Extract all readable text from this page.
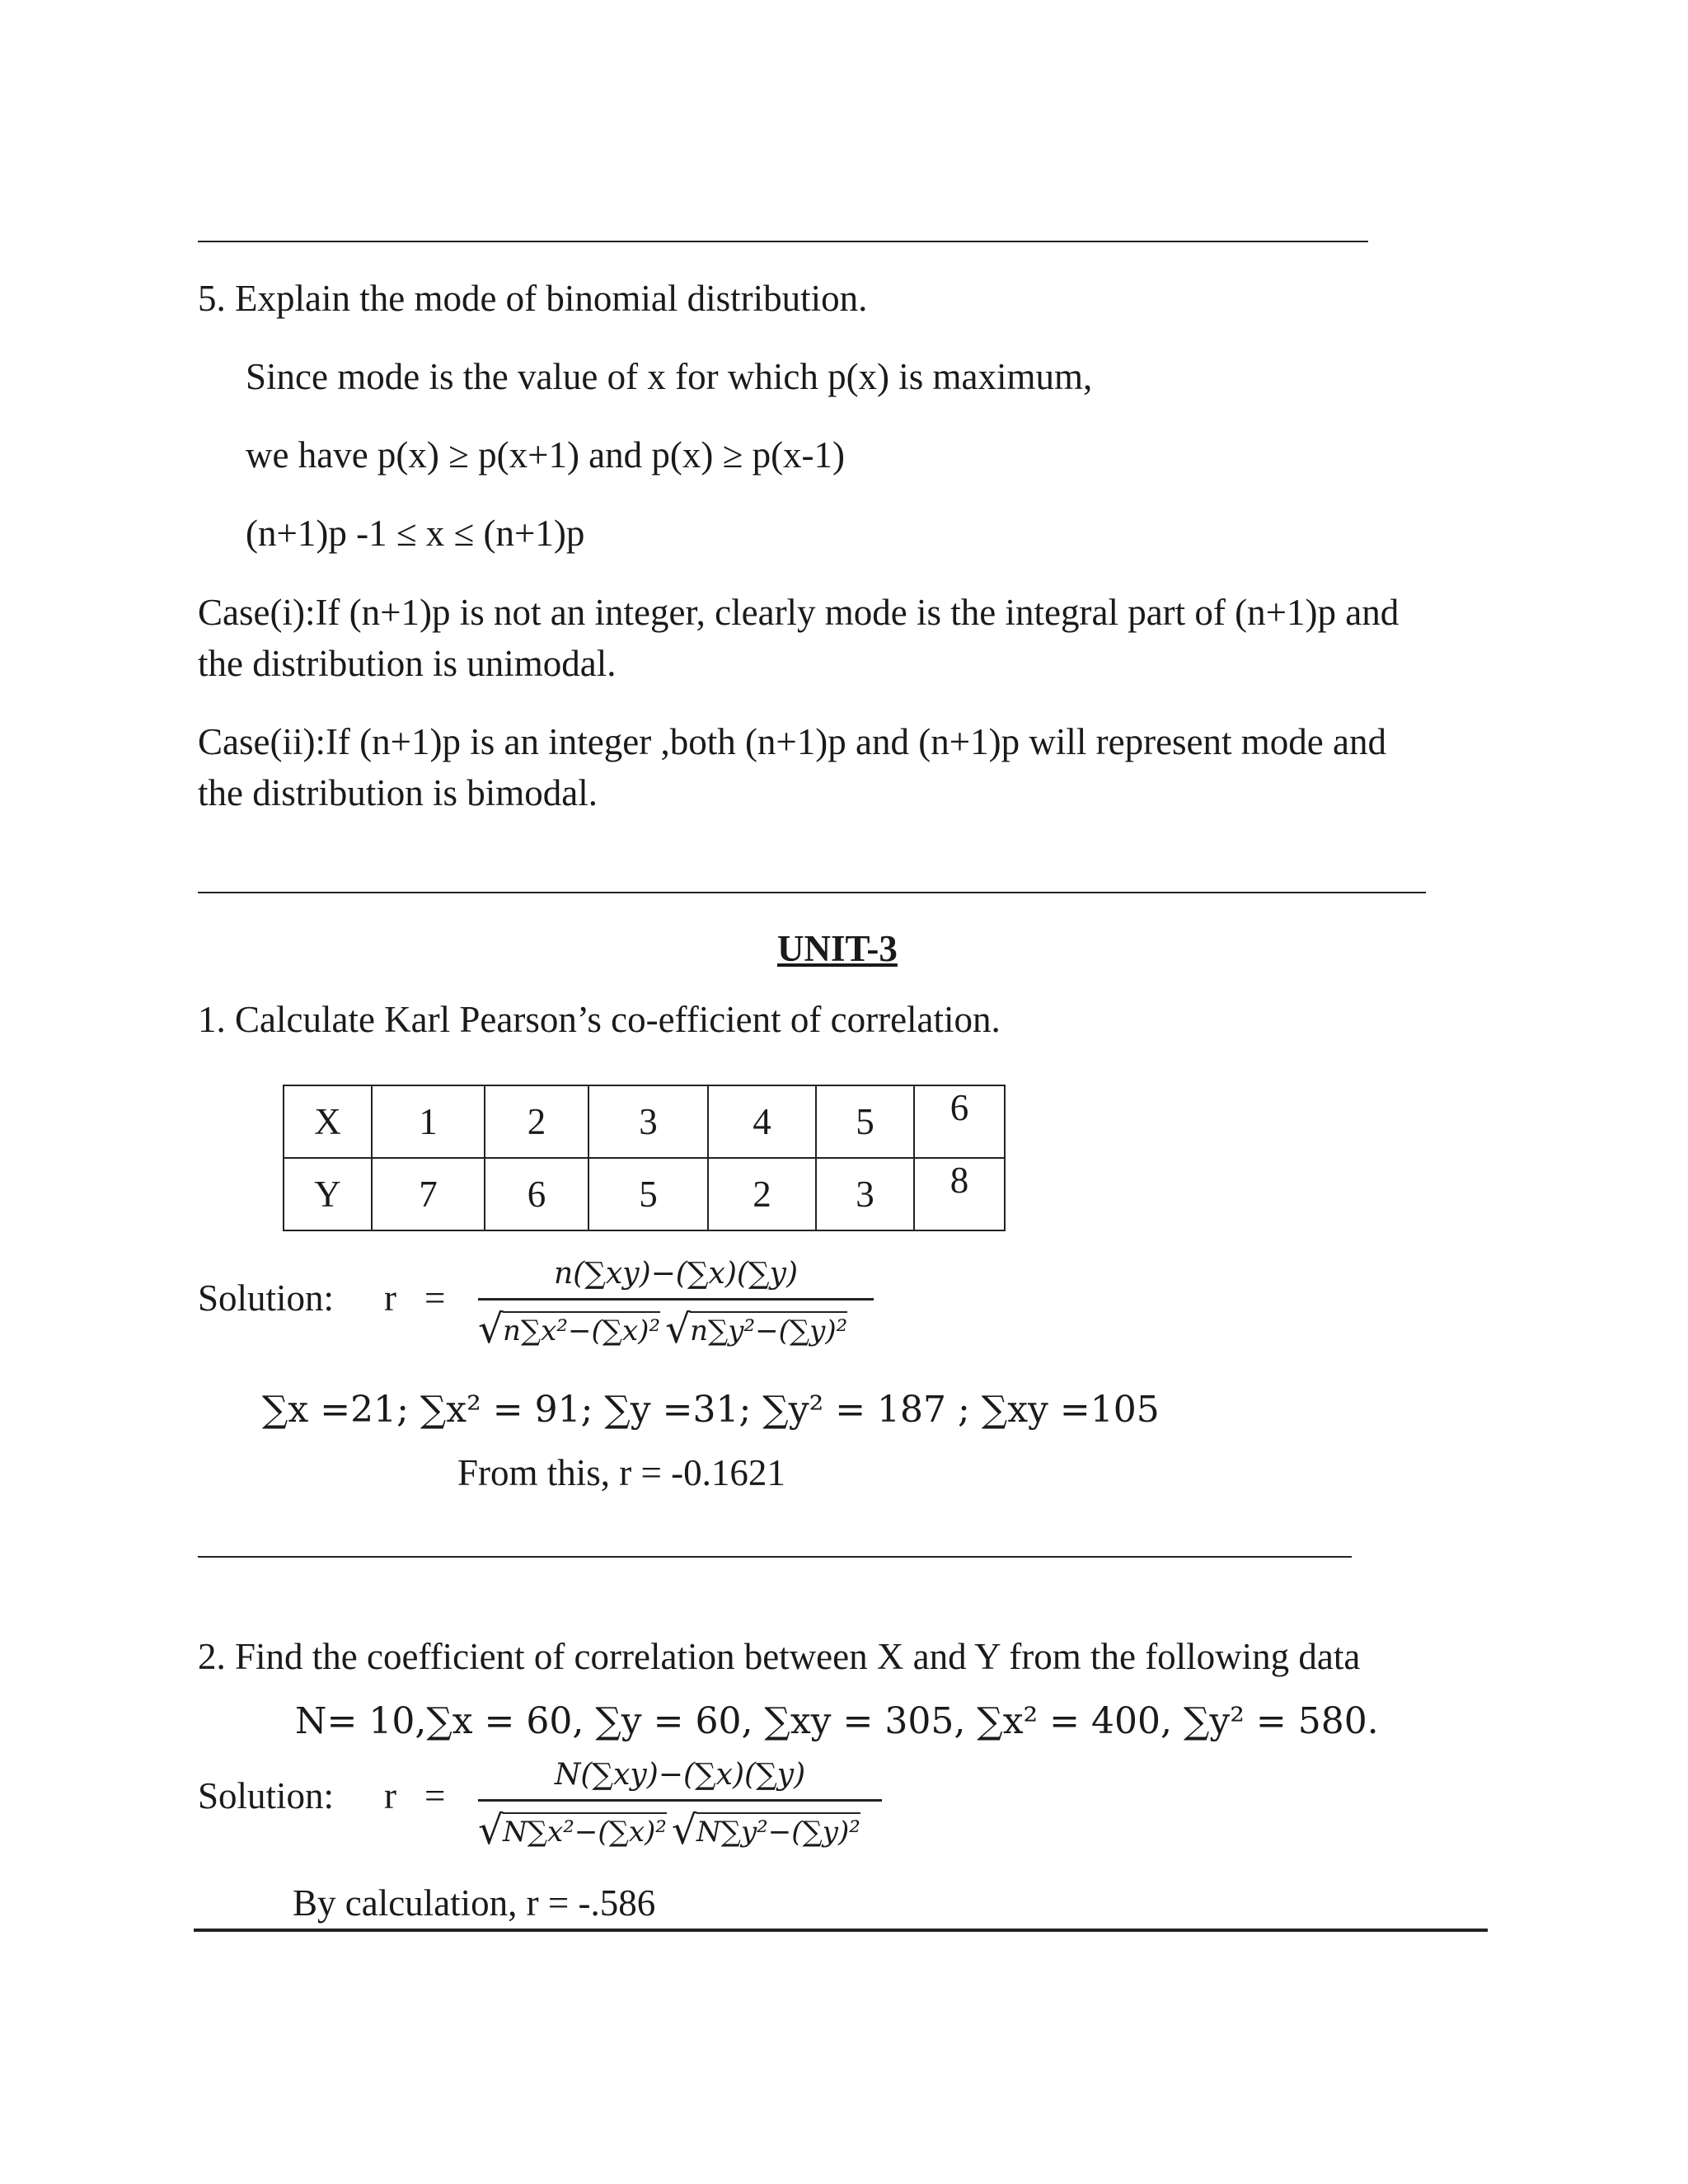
5. Explain the mode of binomial distribution.
Since mode is the value of x for which p(x) is maximum,
we have p(x) ≥ p(x+1) and p(x) ≥ p(x-1)
(n+1)p -1 ≤ x ≤ (n+1)p
Case(i):If (n+1)p is not an integer, clearly mode is the integral part of (n+1)p and
the distribution is unimodal.
Case(ii):If (n+1)p is an integer ,both (n+1)p and (n+1)p will represent mode and
the distribution is bimodal.
UNIT-3
1. Calculate Karl Pearson’s co-efficient of correlation.
X	1	2	3	4	5	6
Y	7	6	5	2	3	8
Solution: r =
n(∑xy)−(∑x)(∑y)
√ n∑x²−(∑x)² √ n∑y²−(∑y)²
∑x =21; ∑x² = 91; ∑y =31; ∑y² = 187 ; ∑xy =105
From this, r = -0.1621
2. Find the coefficient of correlation between X and Y from the following data
N= 10,∑x = 60, ∑y = 60, ∑xy = 305, ∑x² = 400, ∑y² = 580.
Solution: r =
N(∑xy)−(∑x)(∑y)
√ N∑x²−(∑x)² √ N∑y²−(∑y)²
By calculation, r = -.586
